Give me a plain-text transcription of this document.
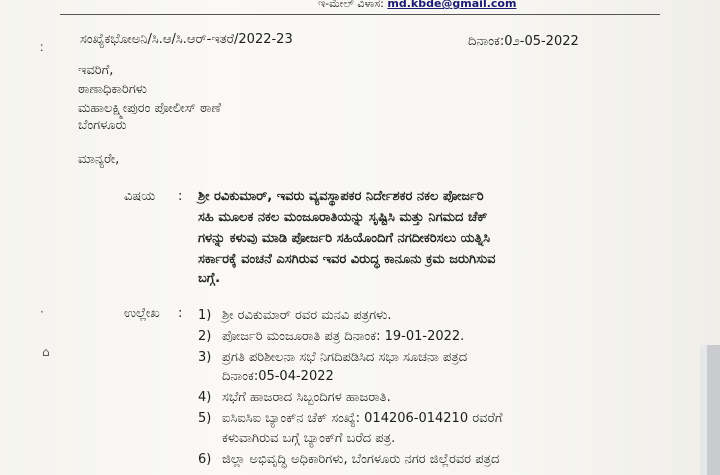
ಇ-ಮೇಲ್ ವಿಳಾಸ: md.kbde@gmail.com
ಸಂಖ್ಯೆಕಭೋಅನಿ/ಸಿ.ಆ/ಸಿ.ಆರ್-ಇತರೆ/2022-23	ದಿನಾಂಕ:0೨-05-2022
ː
ಇವರಿಗೆ,
ಠಾಣಾಧಿಕಾರಿಗಳು
ಮಹಾಲಕ್ಷ್ಮೀಪುರಂ ಪೋಲೀಸ್ ಠಾಣೆ
ಬೆಂಗಳೂರು
ಮಾನ್ಯರೇ,
ವಿಷಯ : ಶ್ರೀ ರವಿಕುಮಾರ್, ಇವರು ವ್ಯವಸ್ಥಾಪಕರ ನಿರ್ದೇಶಕರ ನಕಲ ಪೋರ್ಜರಿ
ಸಹಿ ಮೂಲಕ ನಕಲ ಮಂಜೂರಾತಿಯನ್ನು ಸೃಷ್ಟಿಸಿ ಮತ್ತು ನಿಗಮದ ಚೆಕ್
ಗಳನ್ನು ಕಳುವು ಮಾಡಿ ಪೋರ್ಜರಿ ಸಹಿಯೊಂದಿಗೆ ನಗದೀಕರಿಸಲು ಯತ್ನಿಸಿ
ಸರ್ಕಾರಕ್ಕೆ ವಂಚನೆ ಎಸಗಿರುವ ಇವರ ವಿರುದ್ಧ ಕಾನೂನು ಕ್ರಮ ಜರುಗಿಸುವ
ಬಗ್ಗೆ.
·	ಉಲ್ಲೇಖ : 1) ಶ್ರೀ ರವಿಕುಮಾರ್ ರವರ ಮನವಿ ಪತ್ರಗಳು.
2) ಪೋರ್ಜರಿ ಮಂಜೂರಾತಿ ಪತ್ರ ದಿನಾಂಕ: 19-01-2022.
⌂	3) ಪ್ರಗತಿ ಪರಿಶೀಲನಾ ಸಭೆ ನಿಗದಿಪಡಿಸಿದ ಸಭಾ ಸೂಚನಾ ಪತ್ರದ
ದಿನಾಂಕ:05-04-2022
4) ಸಭೆಗೆ ಹಾಜರಾದ ಸಿಬ್ಬಂದಿಗಳ ಹಾಜರಾತಿ.
5) ಐಸಿಐಸಿಐ ಬ್ಯಾಂಕ್‌ನ ಚೆಕ್ ಸಂಖ್ಯೆ: 014206-014210 ರವರೆಗೆ
ಕಳುವಾಗಿರುವ ಬಗ್ಗೆ ಬ್ಯಾಂಕ್‌ಗೆ ಬರೆದ ಪತ್ರ.
6) ಜಿಲ್ಲಾ ಅಭಿವೃದ್ಧಿ ಅಧಿಕಾರಿಗಳು, ಬೆಂಗಳೂರು ನಗರ ಜಿಲ್ಲೆರವರ ಪತ್ರದ
